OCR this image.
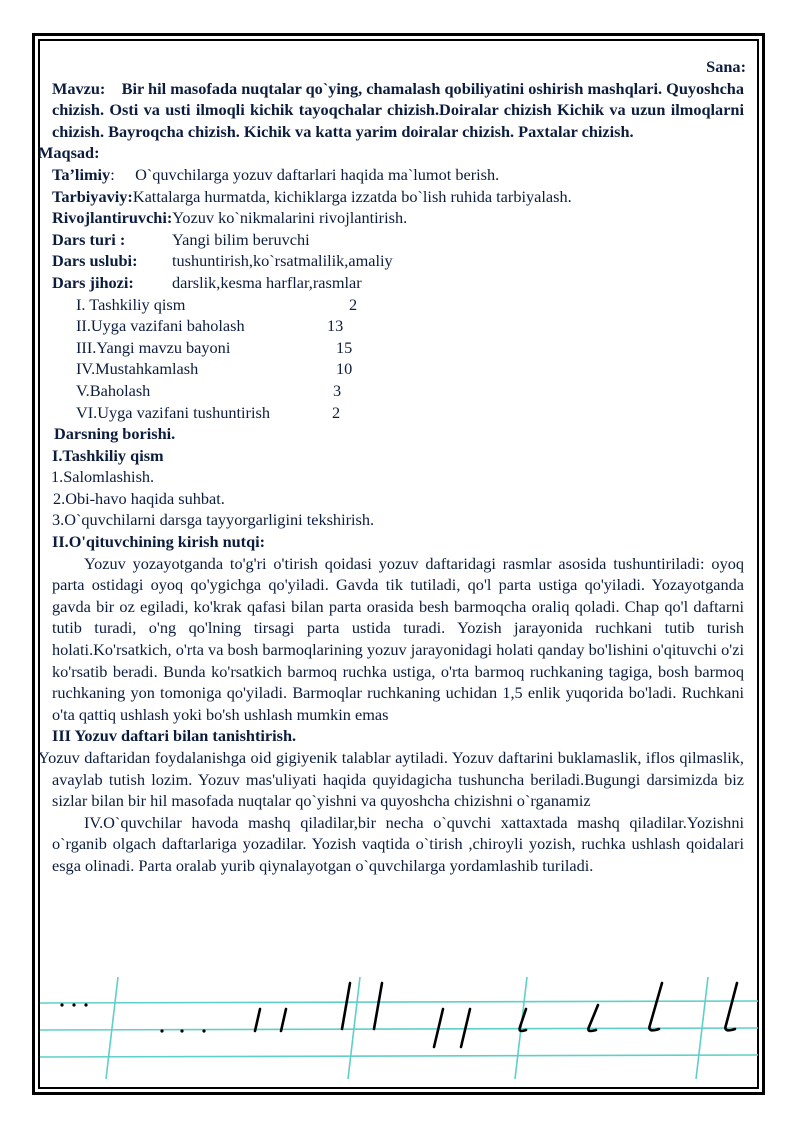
Sana:
Mavzu: Bir hil masofada nuqtalar qo`ying, chamalash qobiliyatini oshirish mashqlari. Quyoshcha chizish. Osti va usti ilmoqli kichik tayoqchalar chizish.Doiralar chizish Kichik va uzun ilmoqlarni chizish. Bayroqcha chizish. Kichik va katta yarim doiralar chizish. Paxtalar chizish.
Maqsad:
Ta’limiy:     O`quvchilarga yozuv daftarlari haqida ma`lumot berish.
Tarbiyaviy:Kattalarga hurmatda, kichiklarga izzatda bo`lish ruhida tarbiyalash.
Rivojlantiruvchi:Yozuv ko`nikmalarini rivojlantirish.
Dars turi :	Yangi bilim beruvchi
Dars uslubi: tushuntirish,ko`rsatmalilik,amaliy
Dars jihozi: darslik,kesma harflar,rasmlar
I. Tashkiliy qism	2
II.Uyga vazifani baholash	13
III.Yangi mavzu bayoni	15
IV.Mustahkamlash	10
V.Baholash	3
VI.Uyga vazifani tushuntirish	2
Darsning borishi.
I.Tashkiliy qism
1.Salomlashish.
2.Obi-havo haqida suhbat.
3.O`quvchilarni darsga tayyorgarligini tekshirish.
II.O'qituvchining kirish nutqi:
Yozuv yozayotganda to'g'ri o'tirish qoidasi yozuv daftaridagi rasmlar asosida tushuntiriladi: oyoq parta ostidagi oyoq qo'ygichga qo'yiladi. Gavda tik tutiladi, qo'l parta ustiga qo'yiladi. Yozayotganda gavda bir oz egiladi, ko'krak qafasi bilan parta orasida besh barmoqcha oraliq qoladi. Chap qo'l daftarni tutib turadi, o'ng qo'lning tirsagi parta ustida turadi. Yozish jarayonida ruchkani tutib turish holati.Ko'rsatkich, o'rta va bosh barmoqlarining yozuv jarayonidagi holati qanday bo'lishini o'qituvchi o'zi ko'rsatib beradi. Bunda ko'rsatkich barmoq ruchka ustiga, o'rta barmoq ruchkaning tagiga, bosh barmoq ruchkaning yon tomoniga qo'yiladi. Barmoqlar ruchkaning uchidan 1,5 enlik yuqorida bo'ladi. Ruchkani o'ta qattiq ushlash yoki bo'sh ushlash mumkin emas
III Yozuv daftari bilan tanishtirish.
Yozuv daftaridan foydalanishga oid gigiyenik talablar aytiladi. Yozuv daftarini buklamaslik, iflos qilmaslik, avaylab tutish lozim. Yozuv mas'uliyati haqida quyidagicha tushuncha beriladi.Bugungi darsimizda biz sizlar bilan bir hil masofada nuqtalar qo`yishni va quyoshcha chizishni o`rganamiz
IV.O`quvchilar havoda mashq qiladilar,bir necha o`quvchi xattaxtada mashq qiladilar.Yozishni o`rganib olgach daftarlariga yozadilar. Yozish vaqtida o`tirish ,chiroyli yozish, ruchka ushlash qoidalari esga olinadi. Parta oralab yurib qiynalayotgan o`quvchilarga yordamlashib turiladi.
